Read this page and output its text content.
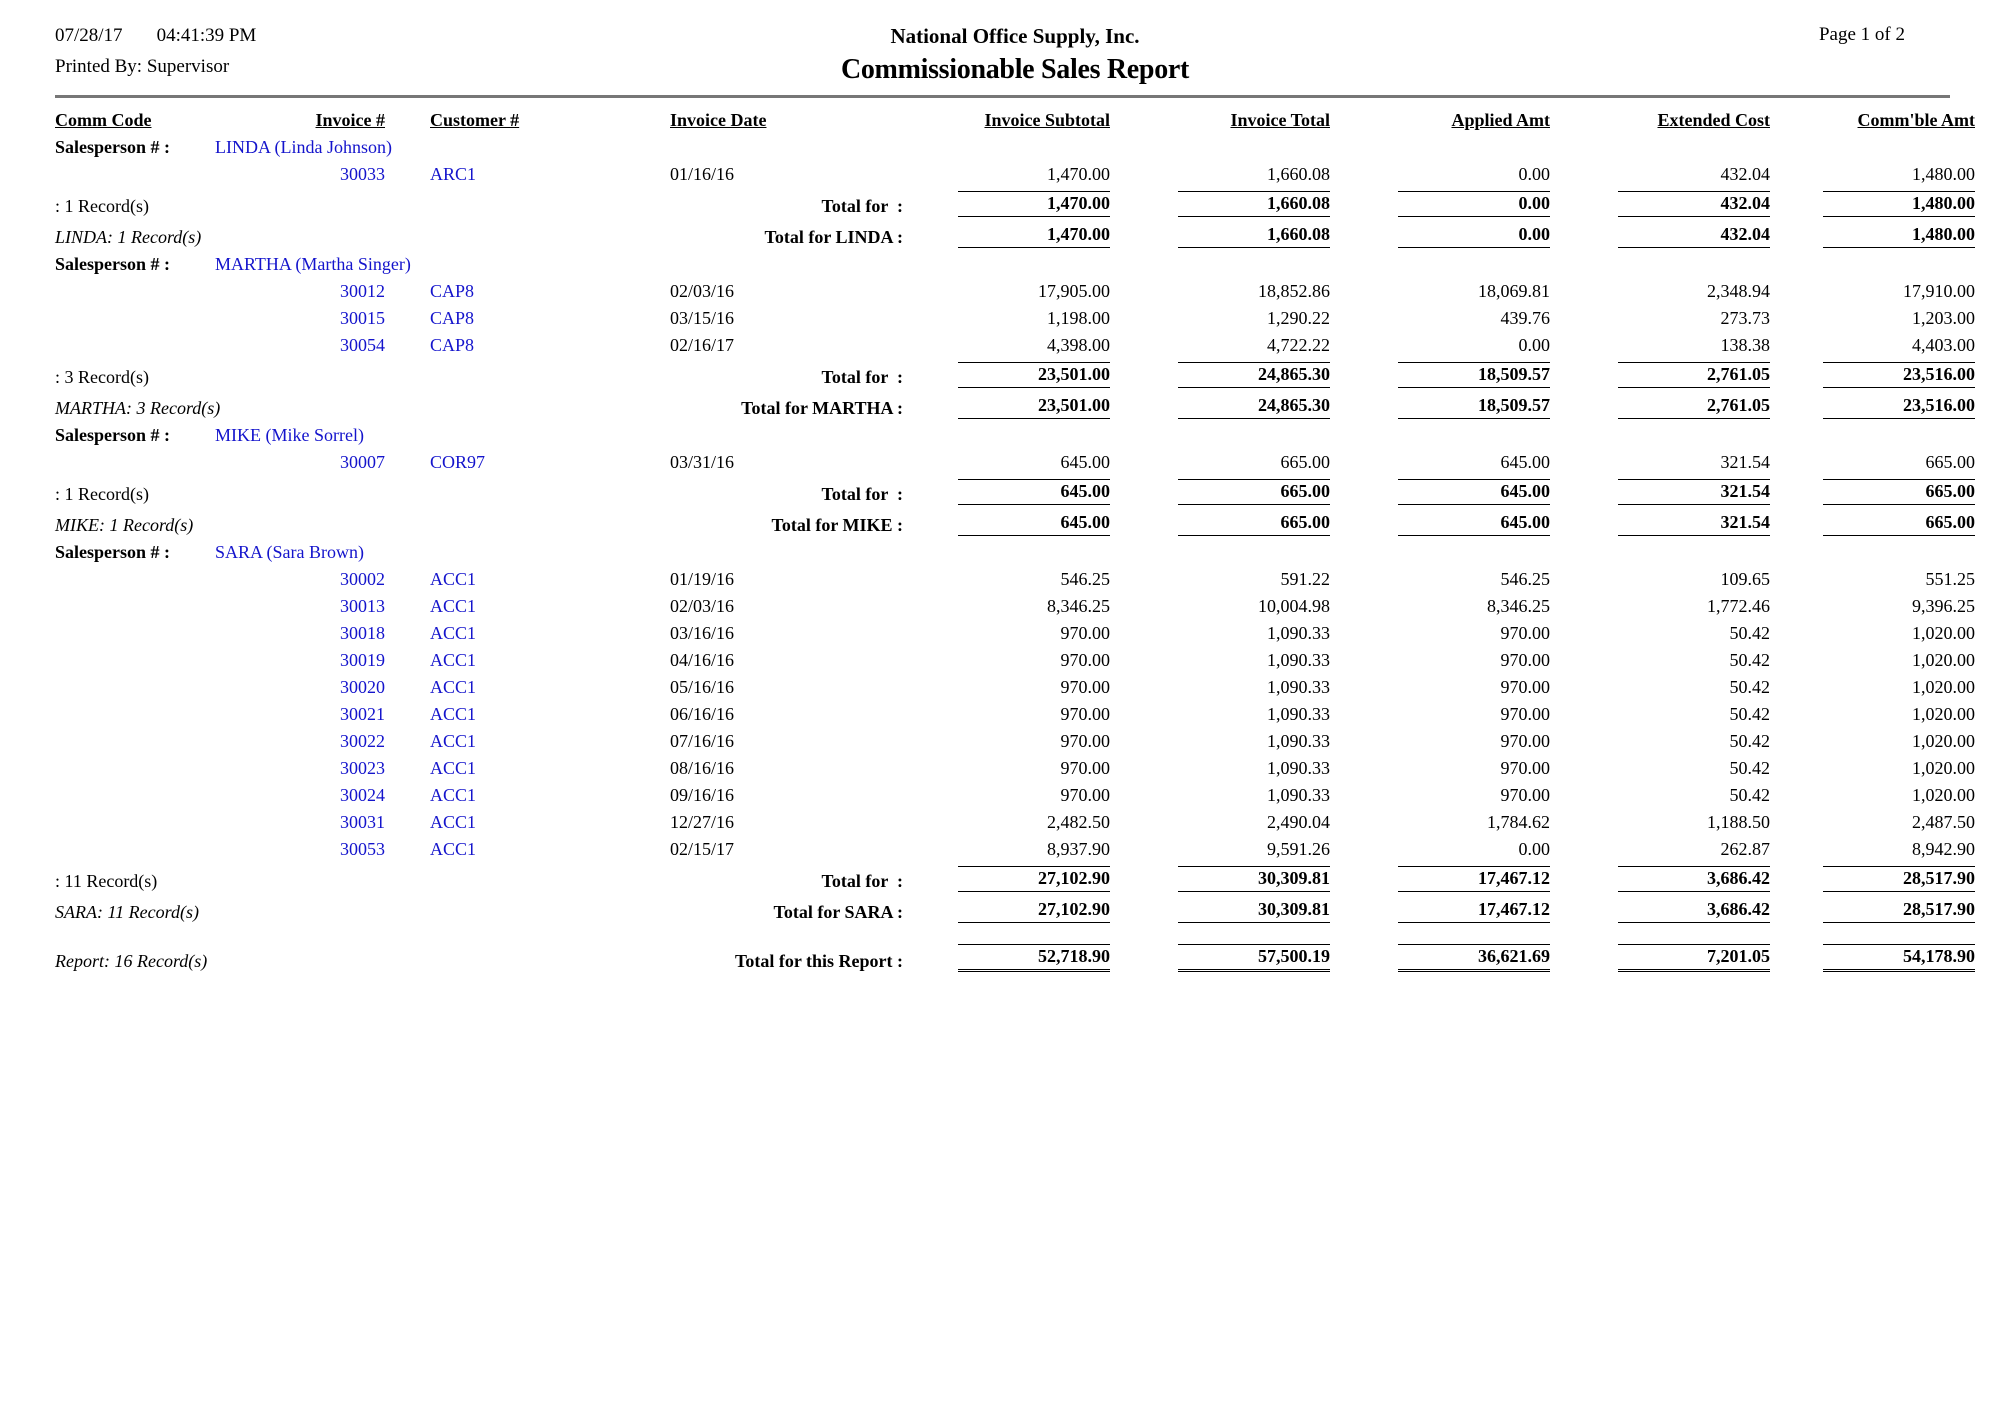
07/28/17 04:41:39 PM
Printed By: Supervisor
National Office Supply, Inc.
Commissionable Sales Report
Page 1 of 2
Comm Code	Invoice #	Customer #	Invoice Date	Invoice Subtotal	Invoice Total	Applied Amt	Extended Cost	Comm'ble Amt
Salesperson # :	LINDA (Linda Johnson)							
	30033	ARC1	01/16/16	1,470.00	1,660.08	0.00	432.04	1,480.00
: 1 Record(s)			Total for  :	1,470.00	1,660.08	0.00	432.04	1,480.00
LINDA: 1 Record(s)			Total for LINDA :	1,470.00	1,660.08	0.00	432.04	1,480.00
Salesperson # :	MARTHA (Martha Singer)							
	30012	CAP8	02/03/16	17,905.00	18,852.86	18,069.81	2,348.94	17,910.00
	30015	CAP8	03/15/16	1,198.00	1,290.22	439.76	273.73	1,203.00
	30054	CAP8	02/16/17	4,398.00	4,722.22	0.00	138.38	4,403.00
: 3 Record(s)			Total for  :	23,501.00	24,865.30	18,509.57	2,761.05	23,516.00
MARTHA: 3 Record(s)			Total for MARTHA :	23,501.00	24,865.30	18,509.57	2,761.05	23,516.00
Salesperson # :	MIKE (Mike Sorrel)							
	30007	COR97	03/31/16	645.00	665.00	645.00	321.54	665.00
: 1 Record(s)			Total for  :	645.00	665.00	645.00	321.54	665.00
MIKE: 1 Record(s)			Total for MIKE :	645.00	665.00	645.00	321.54	665.00
Salesperson # :	SARA (Sara Brown)							
	30002	ACC1	01/19/16	546.25	591.22	546.25	109.65	551.25
	30013	ACC1	02/03/16	8,346.25	10,004.98	8,346.25	1,772.46	9,396.25
	30018	ACC1	03/16/16	970.00	1,090.33	970.00	50.42	1,020.00
	30019	ACC1	04/16/16	970.00	1,090.33	970.00	50.42	1,020.00
	30020	ACC1	05/16/16	970.00	1,090.33	970.00	50.42	1,020.00
	30021	ACC1	06/16/16	970.00	1,090.33	970.00	50.42	1,020.00
	30022	ACC1	07/16/16	970.00	1,090.33	970.00	50.42	1,020.00
	30023	ACC1	08/16/16	970.00	1,090.33	970.00	50.42	1,020.00
	30024	ACC1	09/16/16	970.00	1,090.33	970.00	50.42	1,020.00
	30031	ACC1	12/27/16	2,482.50	2,490.04	1,784.62	1,188.50	2,487.50
	30053	ACC1	02/15/17	8,937.90	9,591.26	0.00	262.87	8,942.90
: 11 Record(s)			Total for  :	27,102.90	30,309.81	17,467.12	3,686.42	28,517.90
SARA: 11 Record(s)			Total for SARA :	27,102.90	30,309.81	17,467.12	3,686.42	28,517.90
Report: 16 Record(s)			Total for this Report :	52,718.90	57,500.19	36,621.69	7,201.05	54,178.90
